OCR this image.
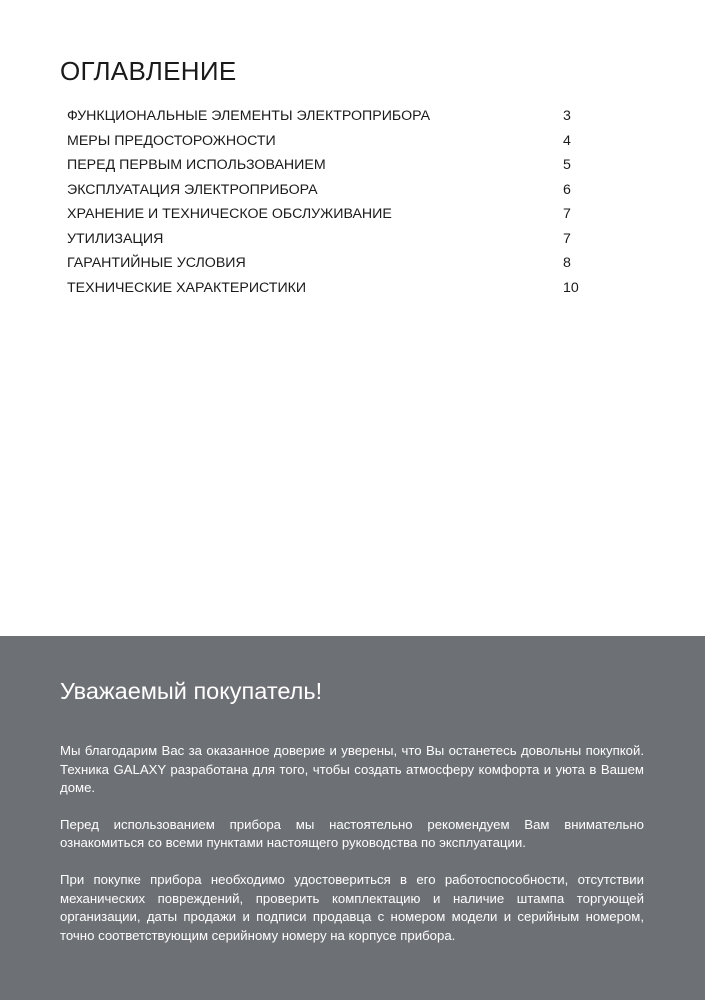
ОГЛАВЛЕНИЕ
ФУНКЦИОНАЛЬНЫЕ ЭЛЕМЕНТЫ ЭЛЕКТРОПРИБОРА	3
МЕРЫ ПРЕДОСТОРОЖНОСТИ	4
ПЕРЕД ПЕРВЫМ ИСПОЛЬЗОВАНИЕМ	5
ЭКСПЛУАТАЦИЯ ЭЛЕКТРОПРИБОРА	6
ХРАНЕНИЕ И ТЕХНИЧЕСКОЕ ОБСЛУЖИВАНИЕ	7
УТИЛИЗАЦИЯ	7
ГАРАНТИЙНЫЕ УСЛОВИЯ	8
ТЕХНИЧЕСКИЕ ХАРАКТЕРИСТИКИ	10
Уважаемый покупатель!

Мы благодарим Вас за оказанное доверие и уверены, что Вы останетесь довольны покупкой. Техника GALAXY разработана для того, чтобы создать атмосферу комфорта и уюта в Вашем доме.

Перед использованием прибора мы настоятельно рекомендуем Вам внимательно ознакомиться со всеми пунктами настоящего руководства по эксплуатации.

При покупке прибора необходимо удостовериться в его работоспособности, отсутствии механических повреждений, проверить комплектацию и наличие штампа торгующей организации, даты продажи и подписи продавца с номером модели и серийным номером, точно соответствующим серийному номеру на корпусе прибора.
